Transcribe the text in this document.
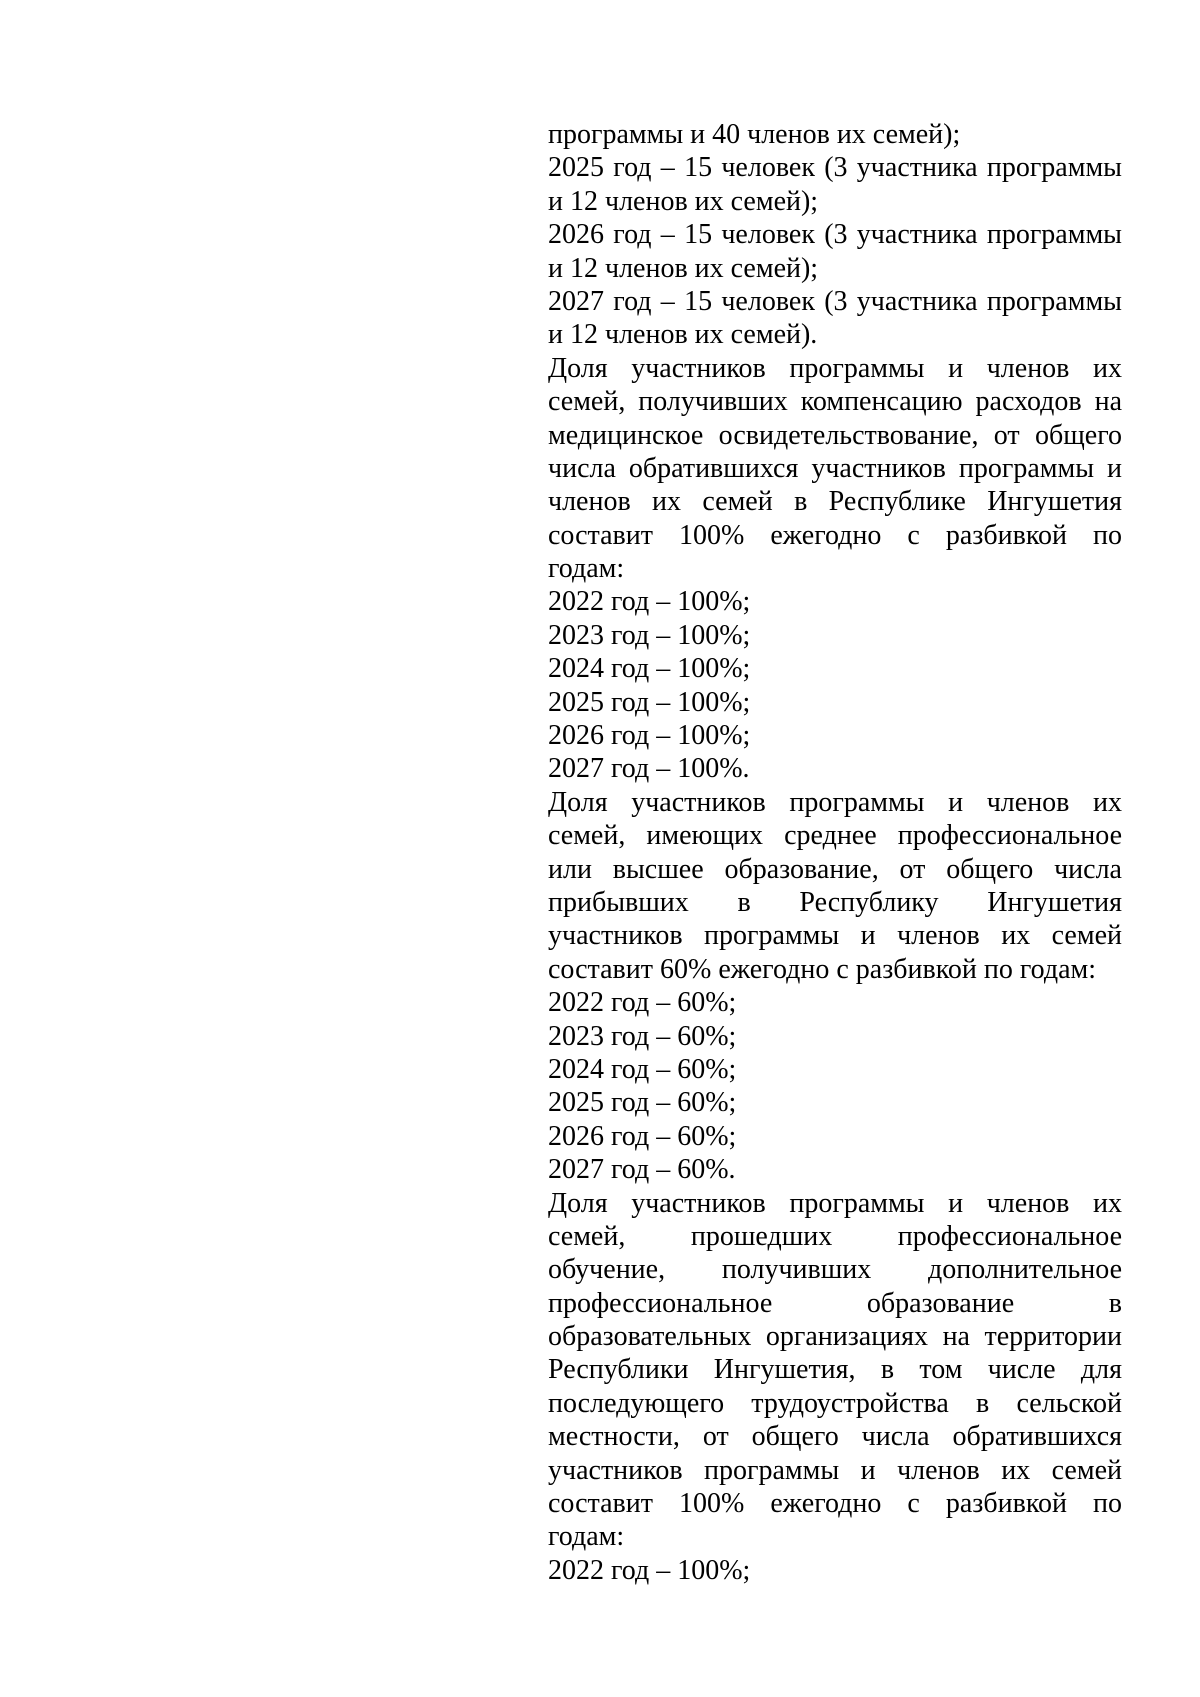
программы и 40 членов их семей);
2025 год – 15 человек (3 участника программы
и 12 членов их семей);
2026 год – 15 человек (3 участника программы
и 12 членов их семей);
2027 год – 15 человек (3 участника программы
и 12 членов их семей).
Доля участников программы и членов их
семей, получивших компенсацию расходов на
медицинское освидетельствование, от общего
числа обратившихся участников программы и
членов их семей в Республике Ингушетия
составит 100% ежегодно с разбивкой по
годам:
2022 год – 100%;
2023 год – 100%;
2024 год – 100%;
2025 год – 100%;
2026 год – 100%;
2027 год – 100%.
Доля участников программы и членов их
семей, имеющих среднее профессиональное
или высшее образование, от общего числа
прибывших в Республику Ингушетия
участников программы и членов их семей
составит 60% ежегодно с разбивкой по годам:
2022 год – 60%;
2023 год – 60%;
2024 год – 60%;
2025 год – 60%;
2026 год – 60%;
2027 год – 60%.
Доля участников программы и членов их
семей, прошедших профессиональное
обучение, получивших дополнительное
профессиональное образование в
образовательных организациях на территории
Республики Ингушетия, в том числе для
последующего трудоустройства в сельской
местности, от общего числа обратившихся
участников программы и членов их семей
составит 100% ежегодно с разбивкой по
годам:
2022 год – 100%;
